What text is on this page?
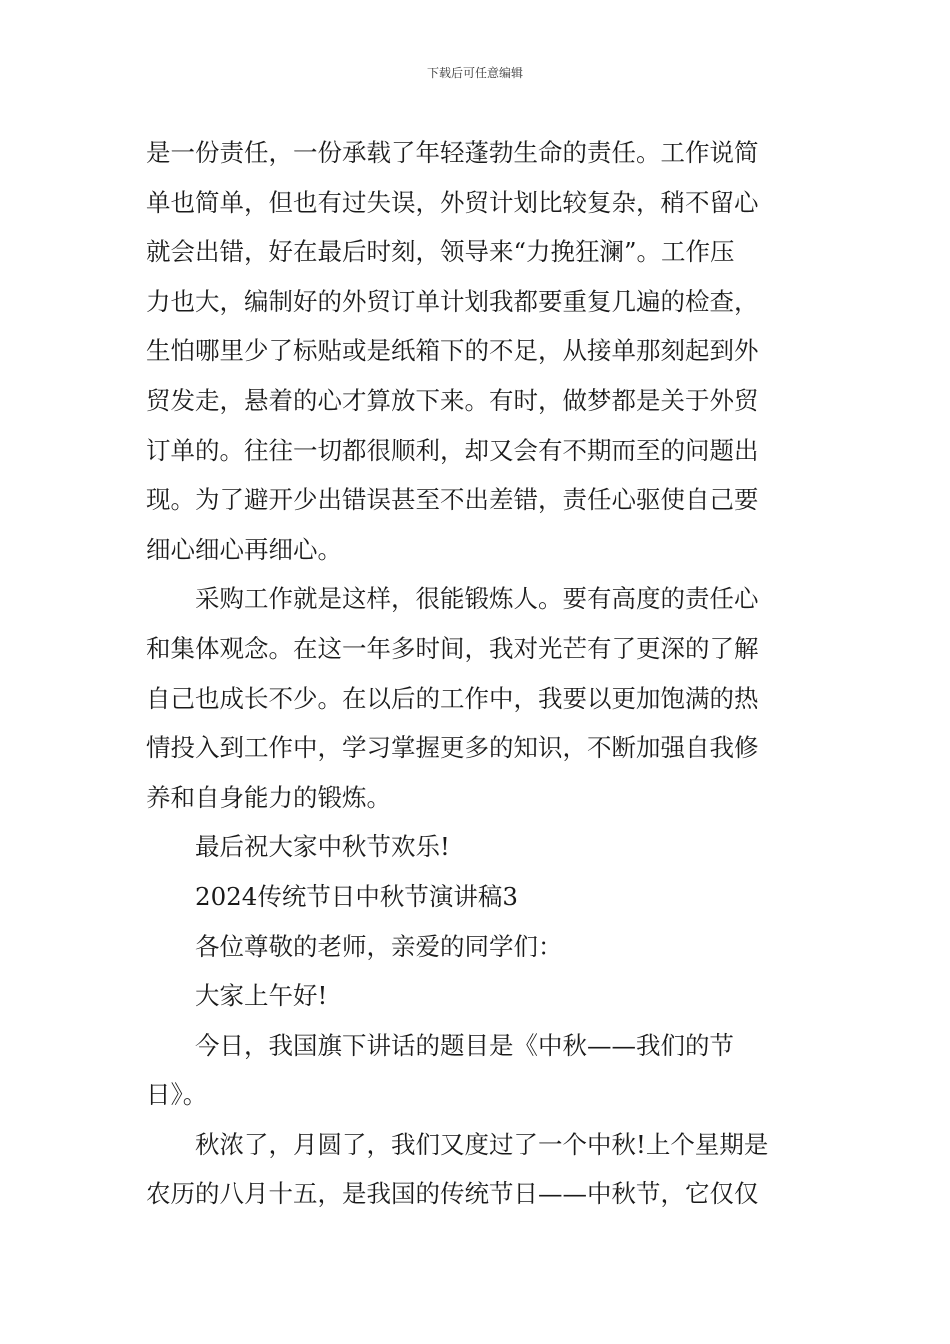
下载后可任意编辑
是一份责任，一份承载了年轻蓬勃生命的责任。工作说简
单也简单，但也有过失误，外贸计划比较复杂，稍不留心
就会出错，好在最后时刻，领导来“力挽狂澜”。工作压
力也大，编制好的外贸订单计划我都要重复几遍的检查，
生怕哪里少了标贴或是纸箱下的不足，从接单那刻起到外
贸发走，悬着的心才算放下来。有时，做梦都是关于外贸
订单的。往往一切都很顺利，却又会有不期而至的问题出
现。为了避开少出错误甚至不出差错，责任心驱使自己要
细心细心再细心。
采购工作就是这样，很能锻炼人。要有高度的责任心
和集体观念。在这一年多时间，我对光芒有了更深的了解
自己也成长不少。在以后的工作中，我要以更加饱满的热
情投入到工作中，学习掌握更多的知识，不断加强自我修
养和自身能力的锻炼。
最后祝大家中秋节欢乐!
2024传统节日中秋节演讲稿3
各位尊敬的老师，亲爱的同学们：
大家上午好!
今日，我国旗下讲话的题目是《中秋——我们的节
日》。
秋浓了，月圆了，我们又度过了一个中秋!上个星期是
农历的八月十五，是我国的传统节日——中秋节，它仅仅
